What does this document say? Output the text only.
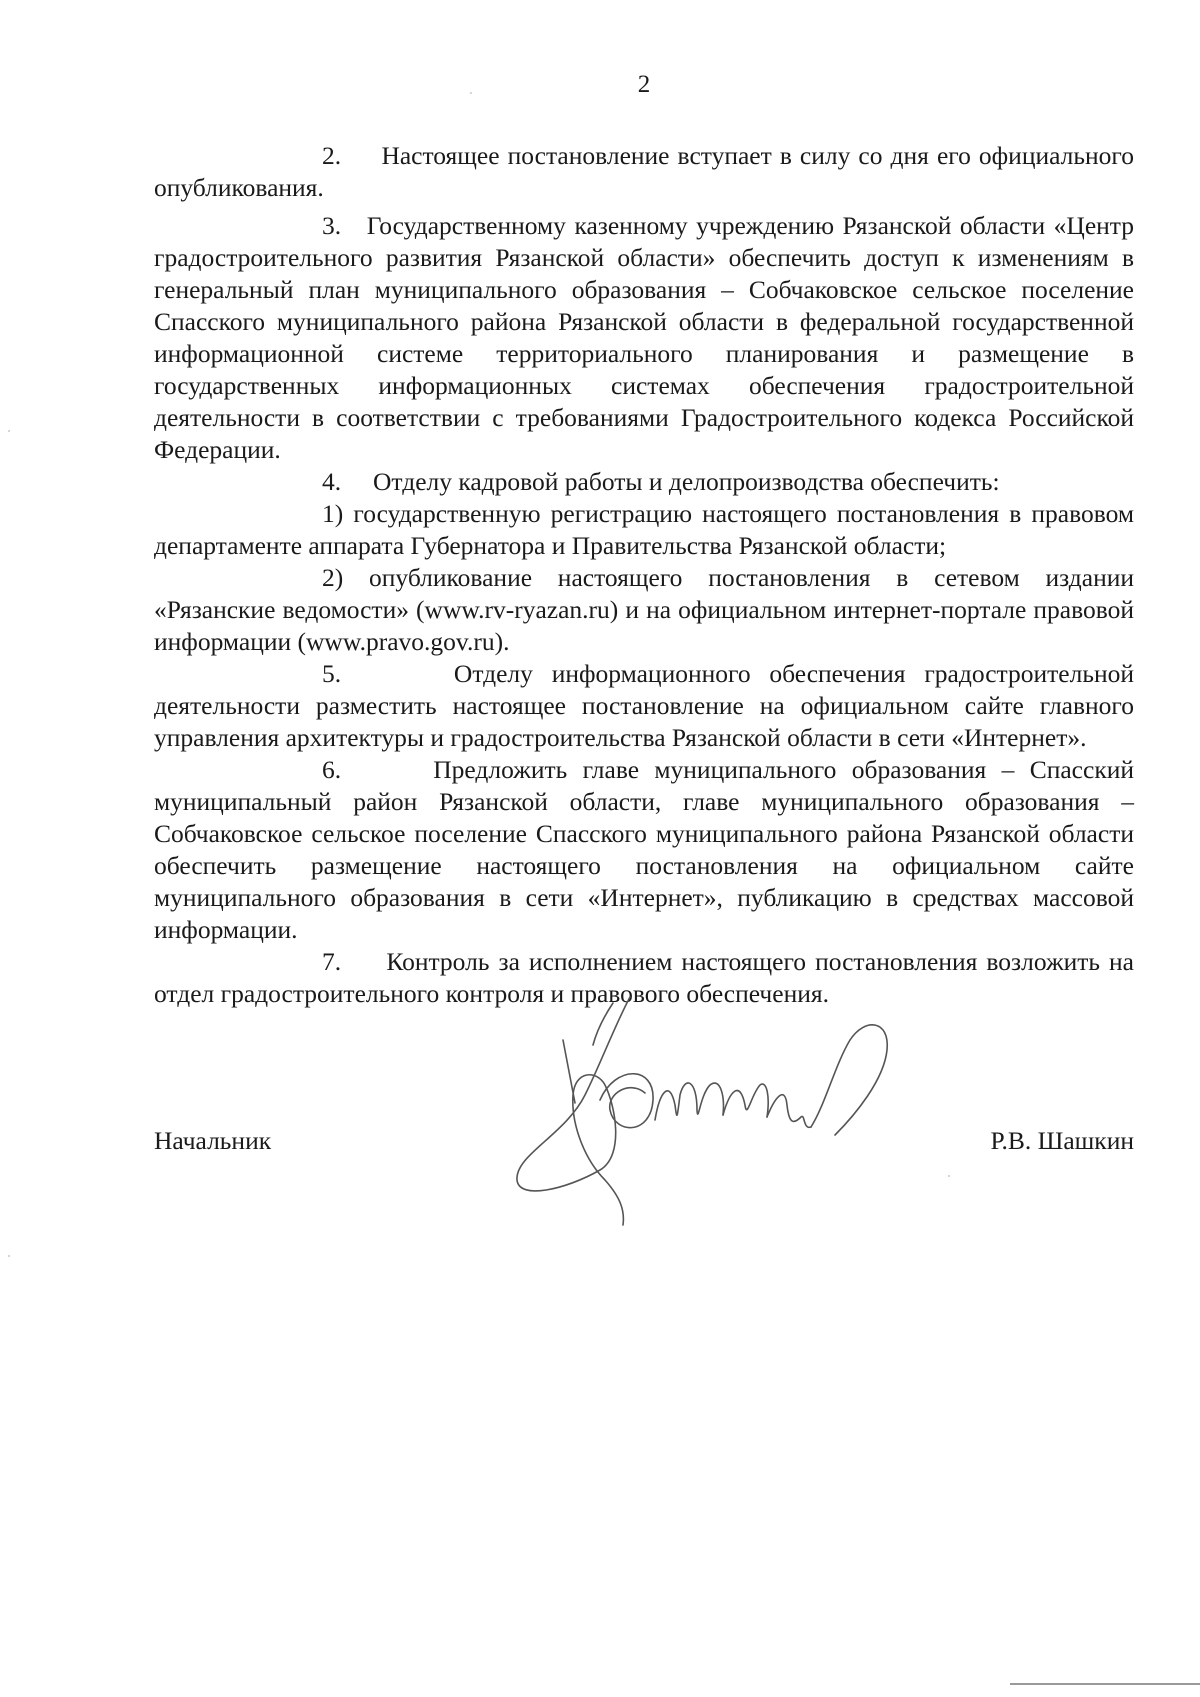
2

2. Настоящее постановление вступает в силу со дня его официального опубликования.

3. Государственному казенному учреждению Рязанской области «Центр градостроительного развития Рязанской области» обеспечить доступ к изменениям в генеральный план муниципального образования – Собчаковское сельское поселение Спасского муниципального района Рязанской области в федеральной государственной информационной системе территориального планирования и размещение в государственных информационных системах обеспечения градостроительной деятельности в соответствии с требованиями Градостроительного кодекса Российской Федерации.

4. Отделу кадровой работы и делопроизводства обеспечить:

1) государственную регистрацию настоящего постановления в правовом департаменте аппарата Губернатора и Правительства Рязанской области;

2) опубликование настоящего постановления в сетевом издании «Рязанские ведомости» (www.rv-ryazan.ru) и на официальном интернет-портале правовой информации (www.pravo.gov.ru).

5.	Отделу информационного обеспечения градостроительной деятельности разместить настоящее постановление на официальном сайте главного управления архитектуры и градостроительства Рязанской области в сети «Интернет».

6.	Предложить главе муниципального образования – Спасский муниципальный район Рязанской области, главе муниципального образования – Собчаковское сельское поселение Спасского муниципального района Рязанской области обеспечить размещение настоящего постановления на официальном сайте муниципального образования в сети «Интернет», публикацию в средствах массовой информации.

7. Контроль за исполнением настоящего постановления возложить на отдел градостроительного контроля и правового обеспечения.

Начальник	Р.В. Шашкин
